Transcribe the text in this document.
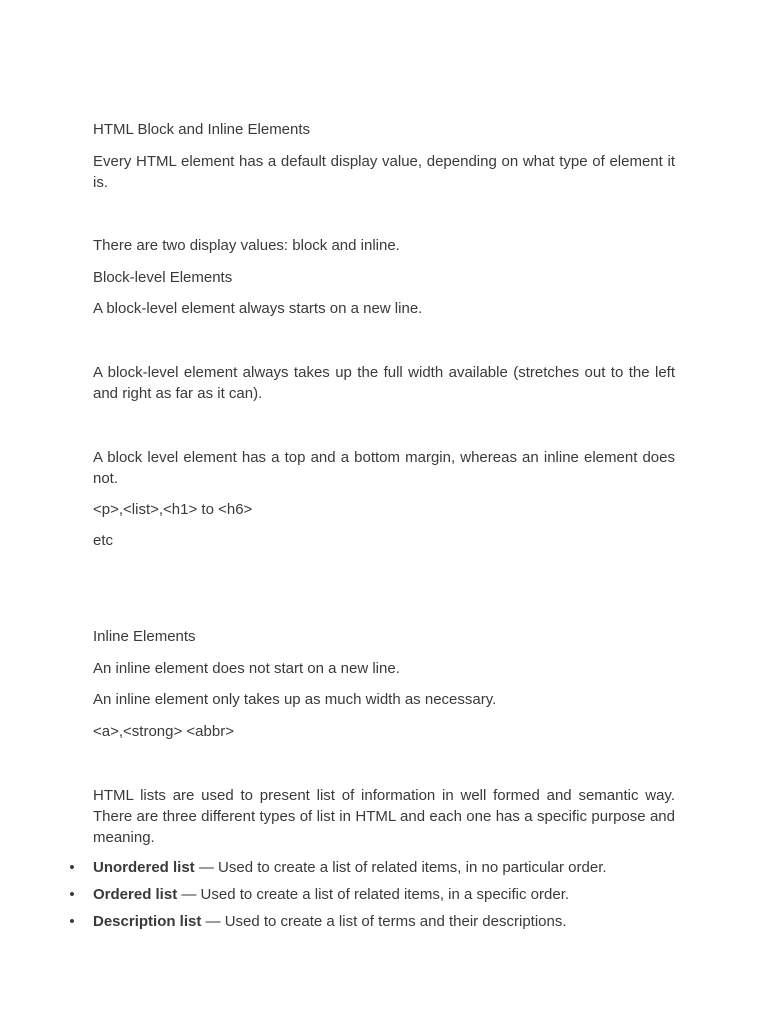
HTML Block and Inline Elements

Every HTML element has a default display value, depending on what type of element it is.

There are two display values: block and inline.

Block-level Elements

A block-level element always starts on a new line.

A block-level element always takes up the full width available (stretches out to the left and right as far as it can).

A block level element has a top and a bottom margin, whereas an inline element does not.

<p>,<list>,<h1> to <h6>

etc

Inline Elements

An inline element does not start on a new line.

An inline element only takes up as much width as necessary.

<a>,<strong> <abbr>

HTML lists are used to present list of information in well formed and semantic way. There are three different types of list in HTML and each one has a specific purpose and meaning.

• Unordered list — Used to create a list of related items, in no particular order.
• Ordered list — Used to create a list of related items, in a specific order.
• Description list — Used to create a list of terms and their descriptions.
